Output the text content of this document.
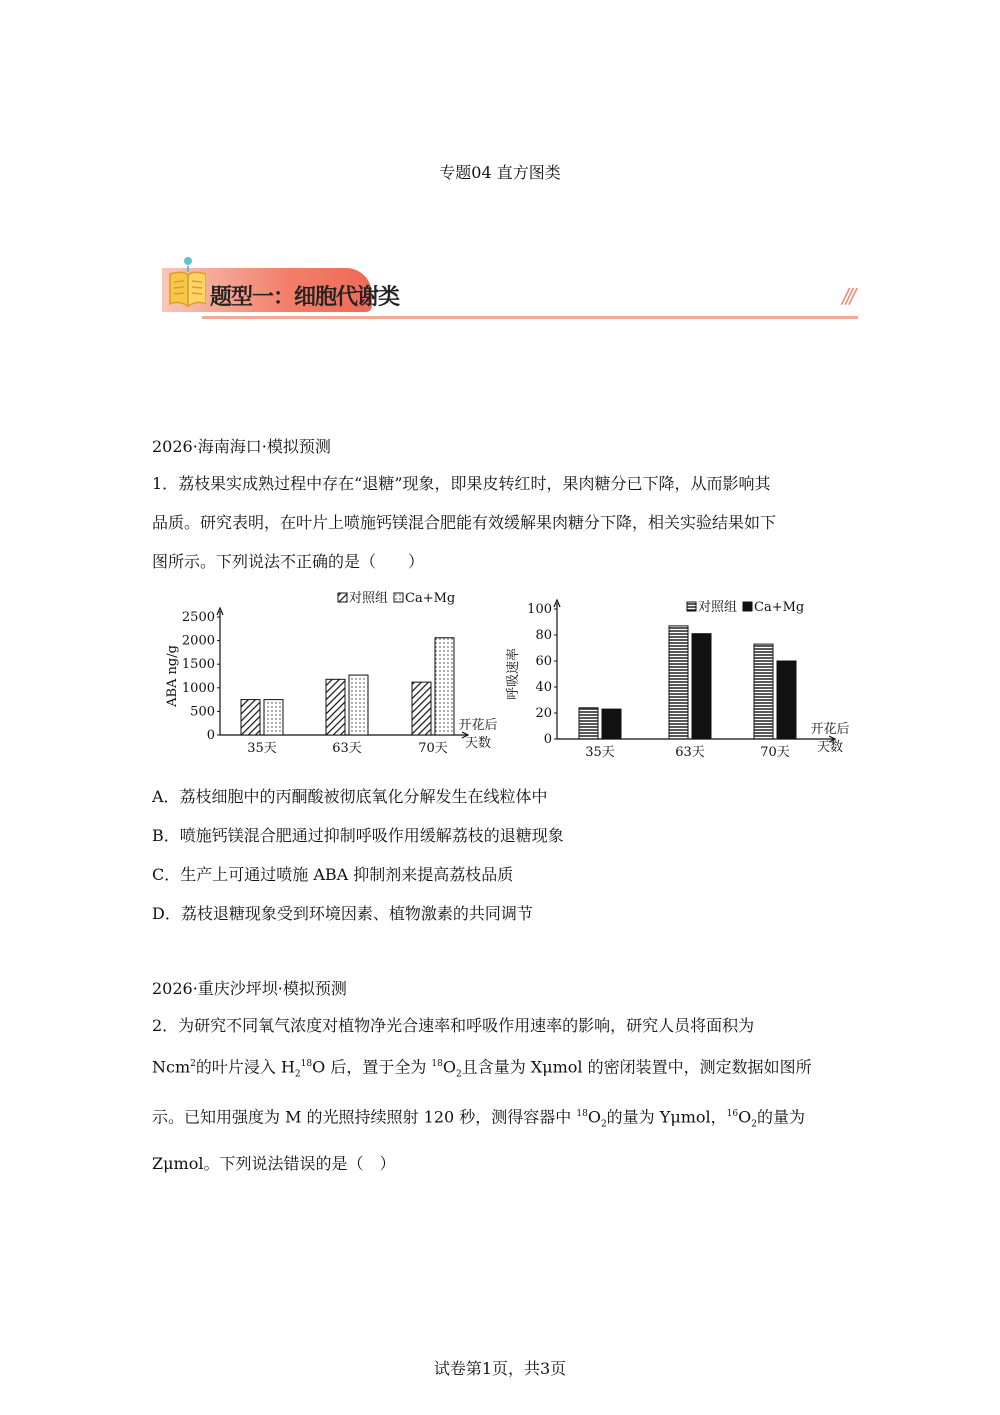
专题04 直方图类
题型一：细胞代谢类	///
2026·海南海口·模拟预测
1．荔枝果实成熟过程中存在“退糖”现象，即果皮转红时，果肉糖分已下降，从而影响其
品质。研究表明，在叶片上喷施钙镁混合肥能有效缓解果肉糖分下降，相关实验结果如下
图所示。下列说法不正确的是（　　）
0
500
1000
1500
2000
2500
ABA ng/g
开花后
天数
35天	63天	70天
对照组 Ca+Mg
0
20
40
60
80
100
呼吸速率
开花后
天数
35天	63天	70天
对照组 Ca+Mg
A．荔枝细胞中的丙酮酸被彻底氧化分解发生在线粒体中
B．喷施钙镁混合肥通过抑制呼吸作用缓解荔枝的退糖现象
C．生产上可通过喷施 ABA 抑制剂来提高荔枝品质
D．荔枝退糖现象受到环境因素、植物激素的共同调节
2026·重庆沙坪坝·模拟预测
2．为研究不同氧气浓度对植物净光合速率和呼吸作用速率的影响，研究人员将面积为
Ncm$^2$的叶片浸入 $H_2^{18}O$ 后，置于全为 $^{18}O_2$且含量为 Xμmol 的密闭装置中，测定数据如图所
示。已知用强度为 M 的光照持续照射 120 秒，测得容器中 $^{18}O_2$的量为 Yμmol，$^{16}O_2$的量为
Zμmol。下列说法错误的是（　）
试卷第1页，共3页
